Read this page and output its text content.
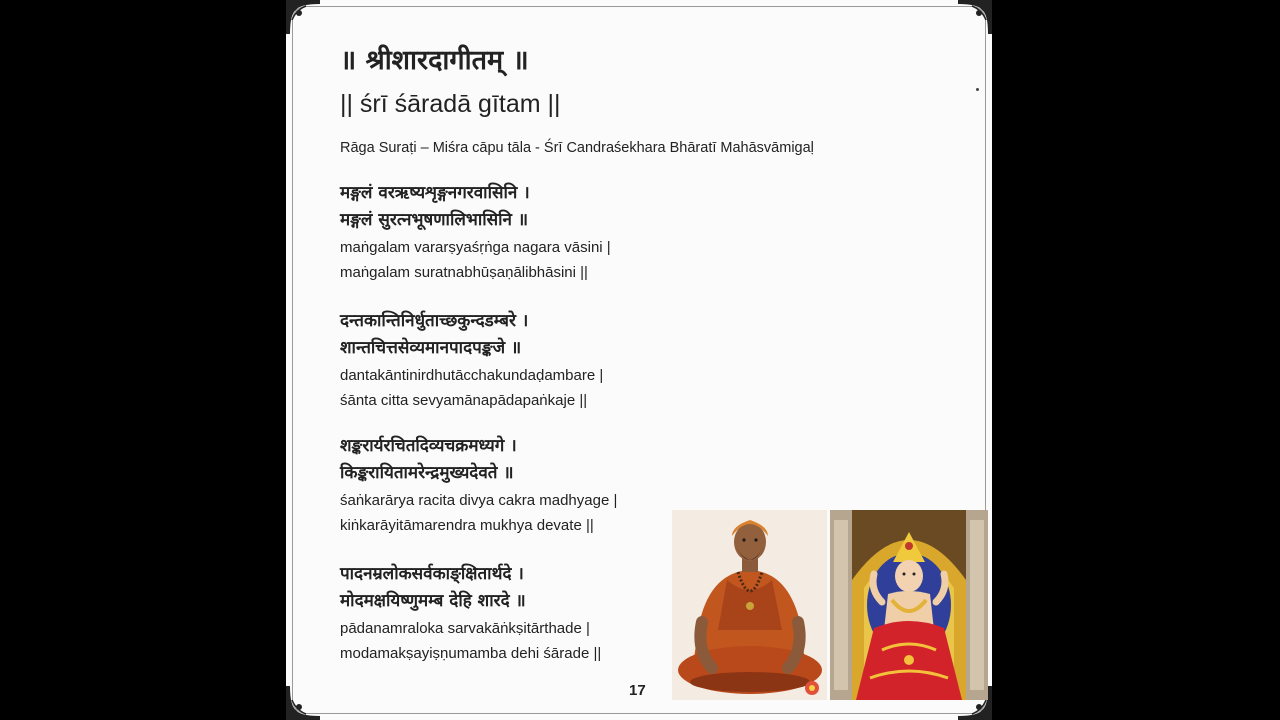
॥ श्रीशारदागीतम् ॥
|| śrī śāradā gītam ||
Rāga Suraṭi – Miśra cāpu tāla - Śrī Candraśekhara Bhāratī Mahāsvāmigaḷ
मङ्गलं वरऋष्यशृङ्गनगरवासिनि ।
मङ्गलं सुरत्नभूषणालिभासिनि ॥
maṅgalam vararṣyaśṛṅga nagara vāsini |
maṅgalam suratnabhūṣaṇālibhāsini ||
दन्तकान्तिनिर्धुताच्छकुन्दडम्बरे ।
शान्तचित्तसेव्यमानपादपङ्कजे ॥
dantakāntinirdhutācchakundaḍambare |
śānta citta sevyamānapādapaṅkaje ||
शङ्करार्यरचितदिव्यचक्रमध्यगे ।
किङ्करायितामरेन्द्रमुख्यदेवते ॥
śaṅkarārya racita divya cakra madhyage |
kiṅkarāyitāmarendra mukhya devate ||
पादनम्रलोकसर्वकाङ्क्षितार्थदे ।
मोदमक्षयिष्णुमम्ब देहि शारदे ॥
pādanamraloka sarvakāṅkṣitārthade |
modamakṣayiṣṇumamba dehi śārade ||
17
